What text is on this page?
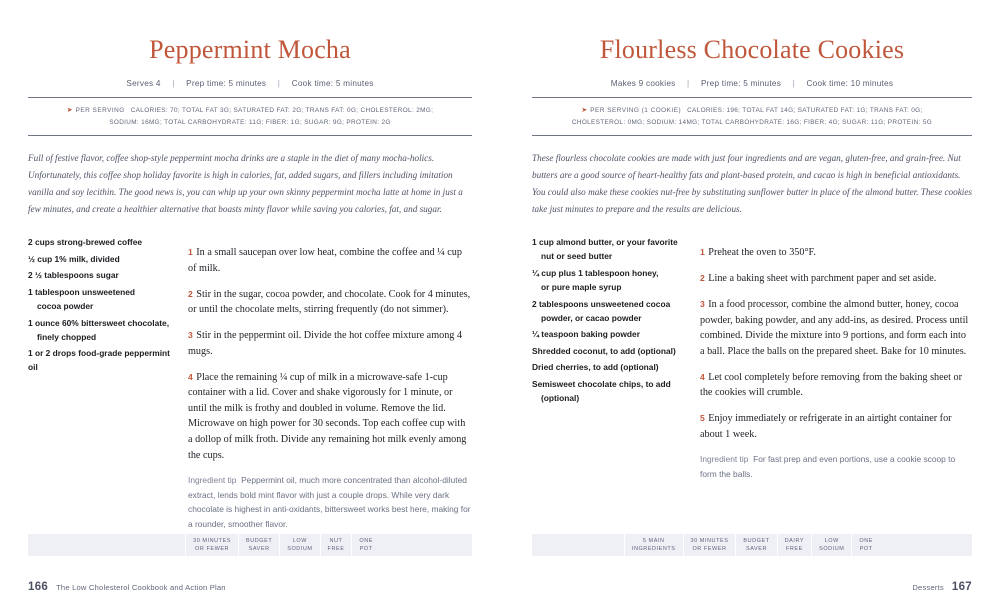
Peppermint Mocha
Serves 4 | Prep time: 5 minutes | Cook time: 5 minutes
➤ PER SERVING CALORIES: 70; TOTAL FAT 3G; SATURATED FAT: 2G; TRANS FAT: 0G; CHOLESTEROL: 2MG;
SODIUM: 16MG; TOTAL CARBOHYDRATE: 11G; FIBER: 1G; SUGAR: 9G; PROTEIN: 2G

Full of festive flavor, coffee shop-style peppermint mocha drinks are a staple in the diet of many mocha-holics. Unfortunately, this coffee shop holiday favorite is high in calories, fat, added sugars, and fillers including imitation vanilla and soy lecithin. The good news is, you can whip up your own skinny peppermint mocha latte at home in just a few minutes, and create a healthier alternative that boasts minty flavor while saving you calories, fat, and sugar.

2 cups strong-brewed coffee
½ cup 1% milk, divided
2 ½ tablespoons sugar
1 tablespoon unsweetened
cocoa powder
1 ounce 60% bittersweet chocolate,
finely chopped
1 or 2 drops food-grade peppermint oil

1 In a small saucepan over low heat, combine the coffee and ¼ cup of milk.

2 Stir in the sugar, cocoa powder, and chocolate. Cook for 4 minutes, or until the chocolate melts, stirring frequently (do not simmer).

3 Stir in the peppermint oil. Divide the hot coffee mixture among 4 mugs.

4 Place the remaining ¼ cup of milk in a microwave-safe 1-cup container with a lid. Cover and shake vigorously for 1 minute, or until the milk is frothy and doubled in volume. Remove the lid. Microwave on high power for 30 seconds. Top each coffee cup with a dollop of milk froth. Divide any remaining hot milk evenly among the cups.

Ingredient tip Peppermint oil, much more concentrated than alcohol-diluted extract, lends bold mint flavor with just a couple drops. While very dark chocolate is highest in anti-oxidants, bittersweet works best here, making for a rounder, smoother flavor.

30 MINUTES
OR FEWER
BUDGET
SAVER
LOW
SODIUM
NUT
FREE
ONE
POT
166 The Low Cholesterol Cookbook and Action Plan
Flourless Chocolate Cookies
Makes 9 cookies | Prep time: 5 minutes | Cook time: 10 minutes
➤ PER SERVING (1 COOKIE) CALORIES: 196; TOTAL FAT 14G; SATURATED FAT: 1G; TRANS FAT: 0G;
CHOLESTEROL: 0MG; SODIUM: 14MG; TOTAL CARBOHYDRATE: 16G; FIBER: 4G; SUGAR: 11G; PROTEIN: 5G

These flourless chocolate cookies are made with just four ingredients and are vegan, gluten-free, and grain-free. Nut butters are a good source of heart-healthy fats and plant-based protein, and cacao is high in beneficial antioxidants. You could also make these cookies nut-free by substituting sunflower butter in place of the almond butter. These cookies take just minutes to prepare and the results are delicious.

1 cup almond butter, or your favorite
nut or seed butter
¼ cup plus 1 tablespoon honey,
or pure maple syrup
2 tablespoons unsweetened cocoa
powder, or cacao powder
¼ teaspoon baking powder
Shredded coconut, to add (optional)
Dried cherries, to add (optional)
Semisweet chocolate chips, to add
(optional)

1 Preheat the oven to 350°F.

2 Line a baking sheet with parchment paper and set aside.

3 In a food processor, combine the almond butter, honey, cocoa powder, baking powder, and any add-ins, as desired. Process until combined. Divide the mixture into 9 portions, and form each into a ball. Place the balls on the prepared sheet. Bake for 10 minutes.

4 Let cool completely before removing from the baking sheet or the cookies will crumble.

5 Enjoy immediately or refrigerate in an airtight container for about 1 week.

Ingredient tip For fast prep and even portions, use a cookie scoop to form the balls.

5 MAIN
INGREDIENTS
30 MINUTES
OR FEWER
BUDGET
SAVER
DAIRY
FREE
LOW
SODIUM
ONE
POT
Desserts 167
